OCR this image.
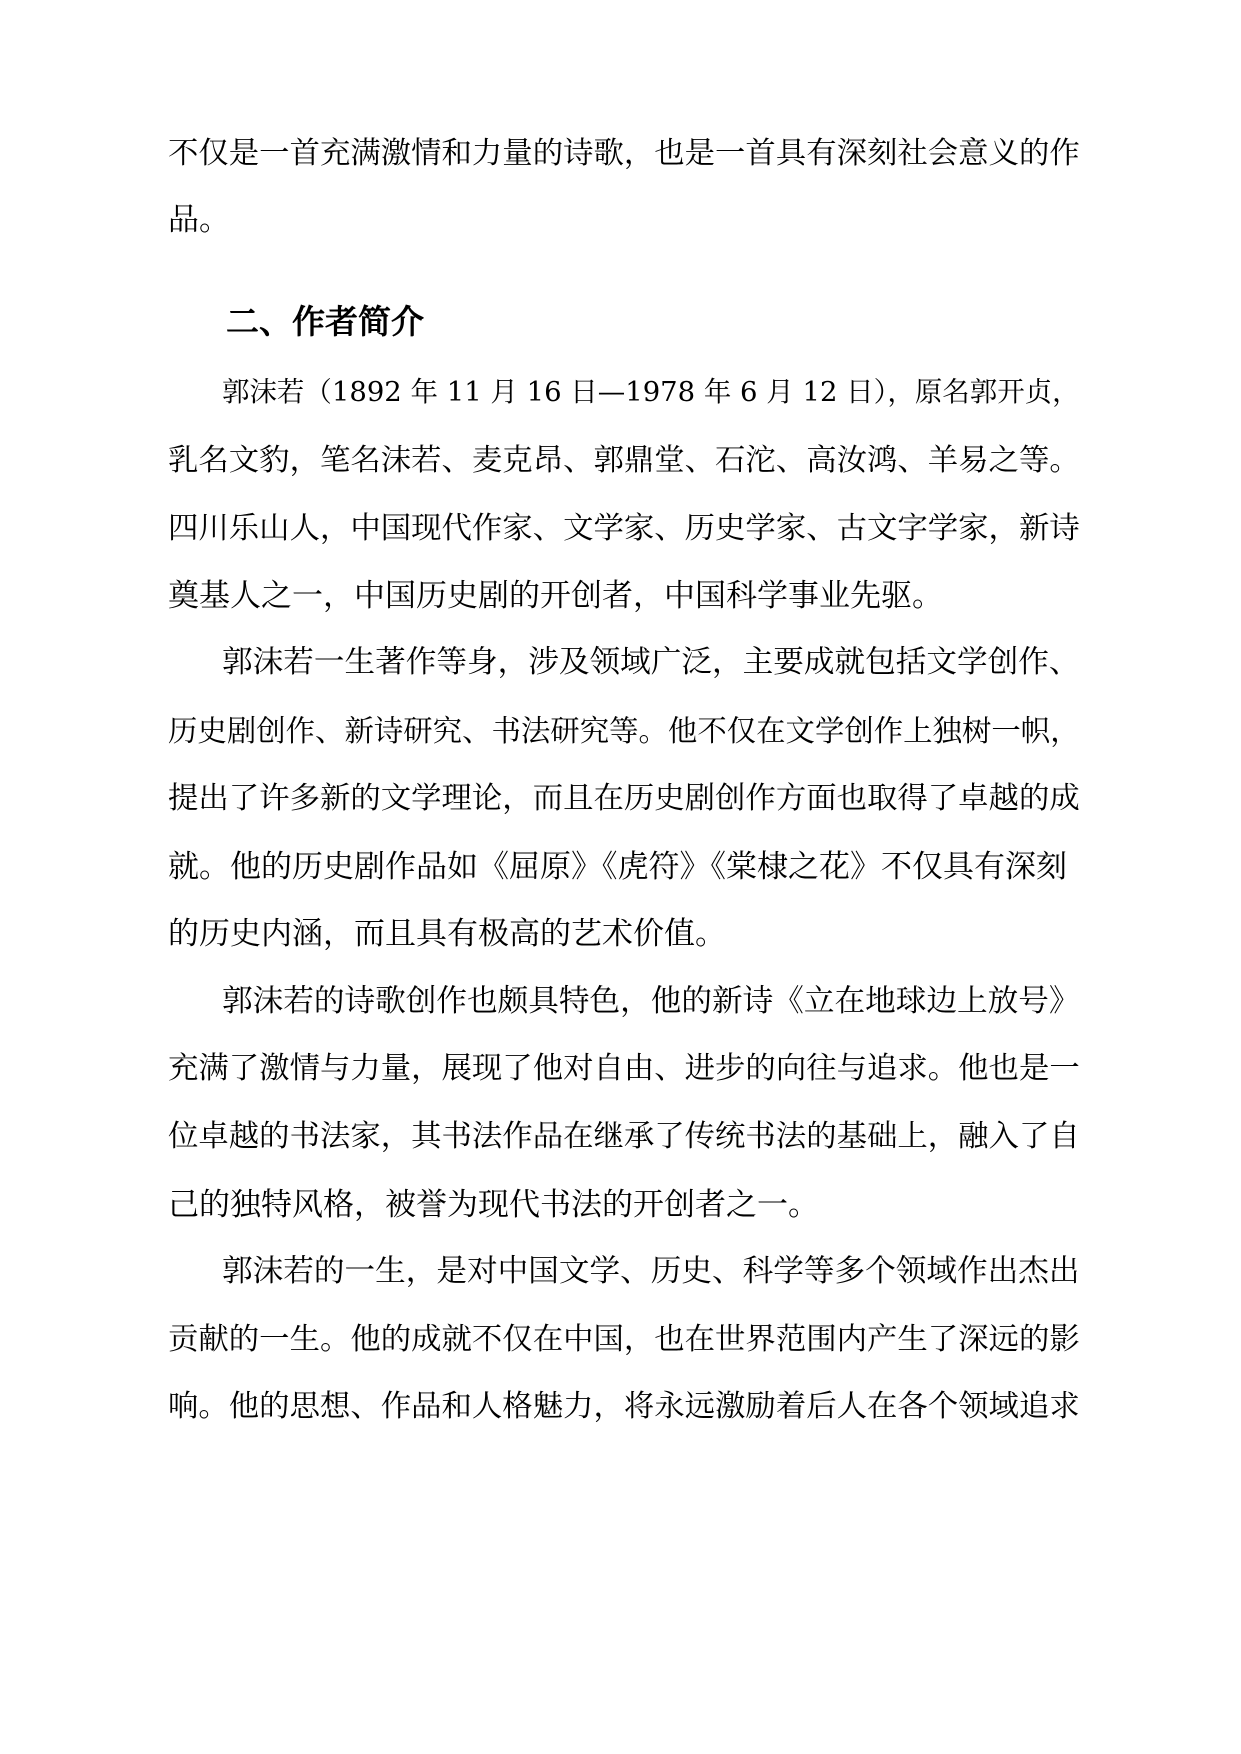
不仅是一首充满激情和力量的诗歌，也是一首具有深刻社会意义的作
品。
二、作者简介
郭沫若（1892 年 11 月 16 日—1978 年 6 月 12 日），原名郭开贞，
乳名文豹，笔名沫若、麦克昂、郭鼎堂、石沱、高汝鸿、羊易之等。
四川乐山人，中国现代作家、文学家、历史学家、古文字学家，新诗
奠基人之一，中国历史剧的开创者，中国科学事业先驱。
郭沫若一生著作等身，涉及领域广泛，主要成就包括文学创作、
历史剧创作、新诗研究、书法研究等。他不仅在文学创作上独树一帜，
提出了许多新的文学理论，而且在历史剧创作方面也取得了卓越的成
就。他的历史剧作品如《屈原》《虎符》《棠棣之花》不仅具有深刻
的历史内涵，而且具有极高的艺术价值。
郭沫若的诗歌创作也颇具特色，他的新诗《立在地球边上放号》
充满了激情与力量，展现了他对自由、进步的向往与追求。他也是一
位卓越的书法家，其书法作品在继承了传统书法的基础上，融入了自
己的独特风格，被誉为现代书法的开创者之一。
郭沫若的一生，是对中国文学、历史、科学等多个领域作出杰出
贡献的一生。他的成就不仅在中国，也在世界范围内产生了深远的影
响。他的思想、作品和人格魅力，将永远激励着后人在各个领域追求
